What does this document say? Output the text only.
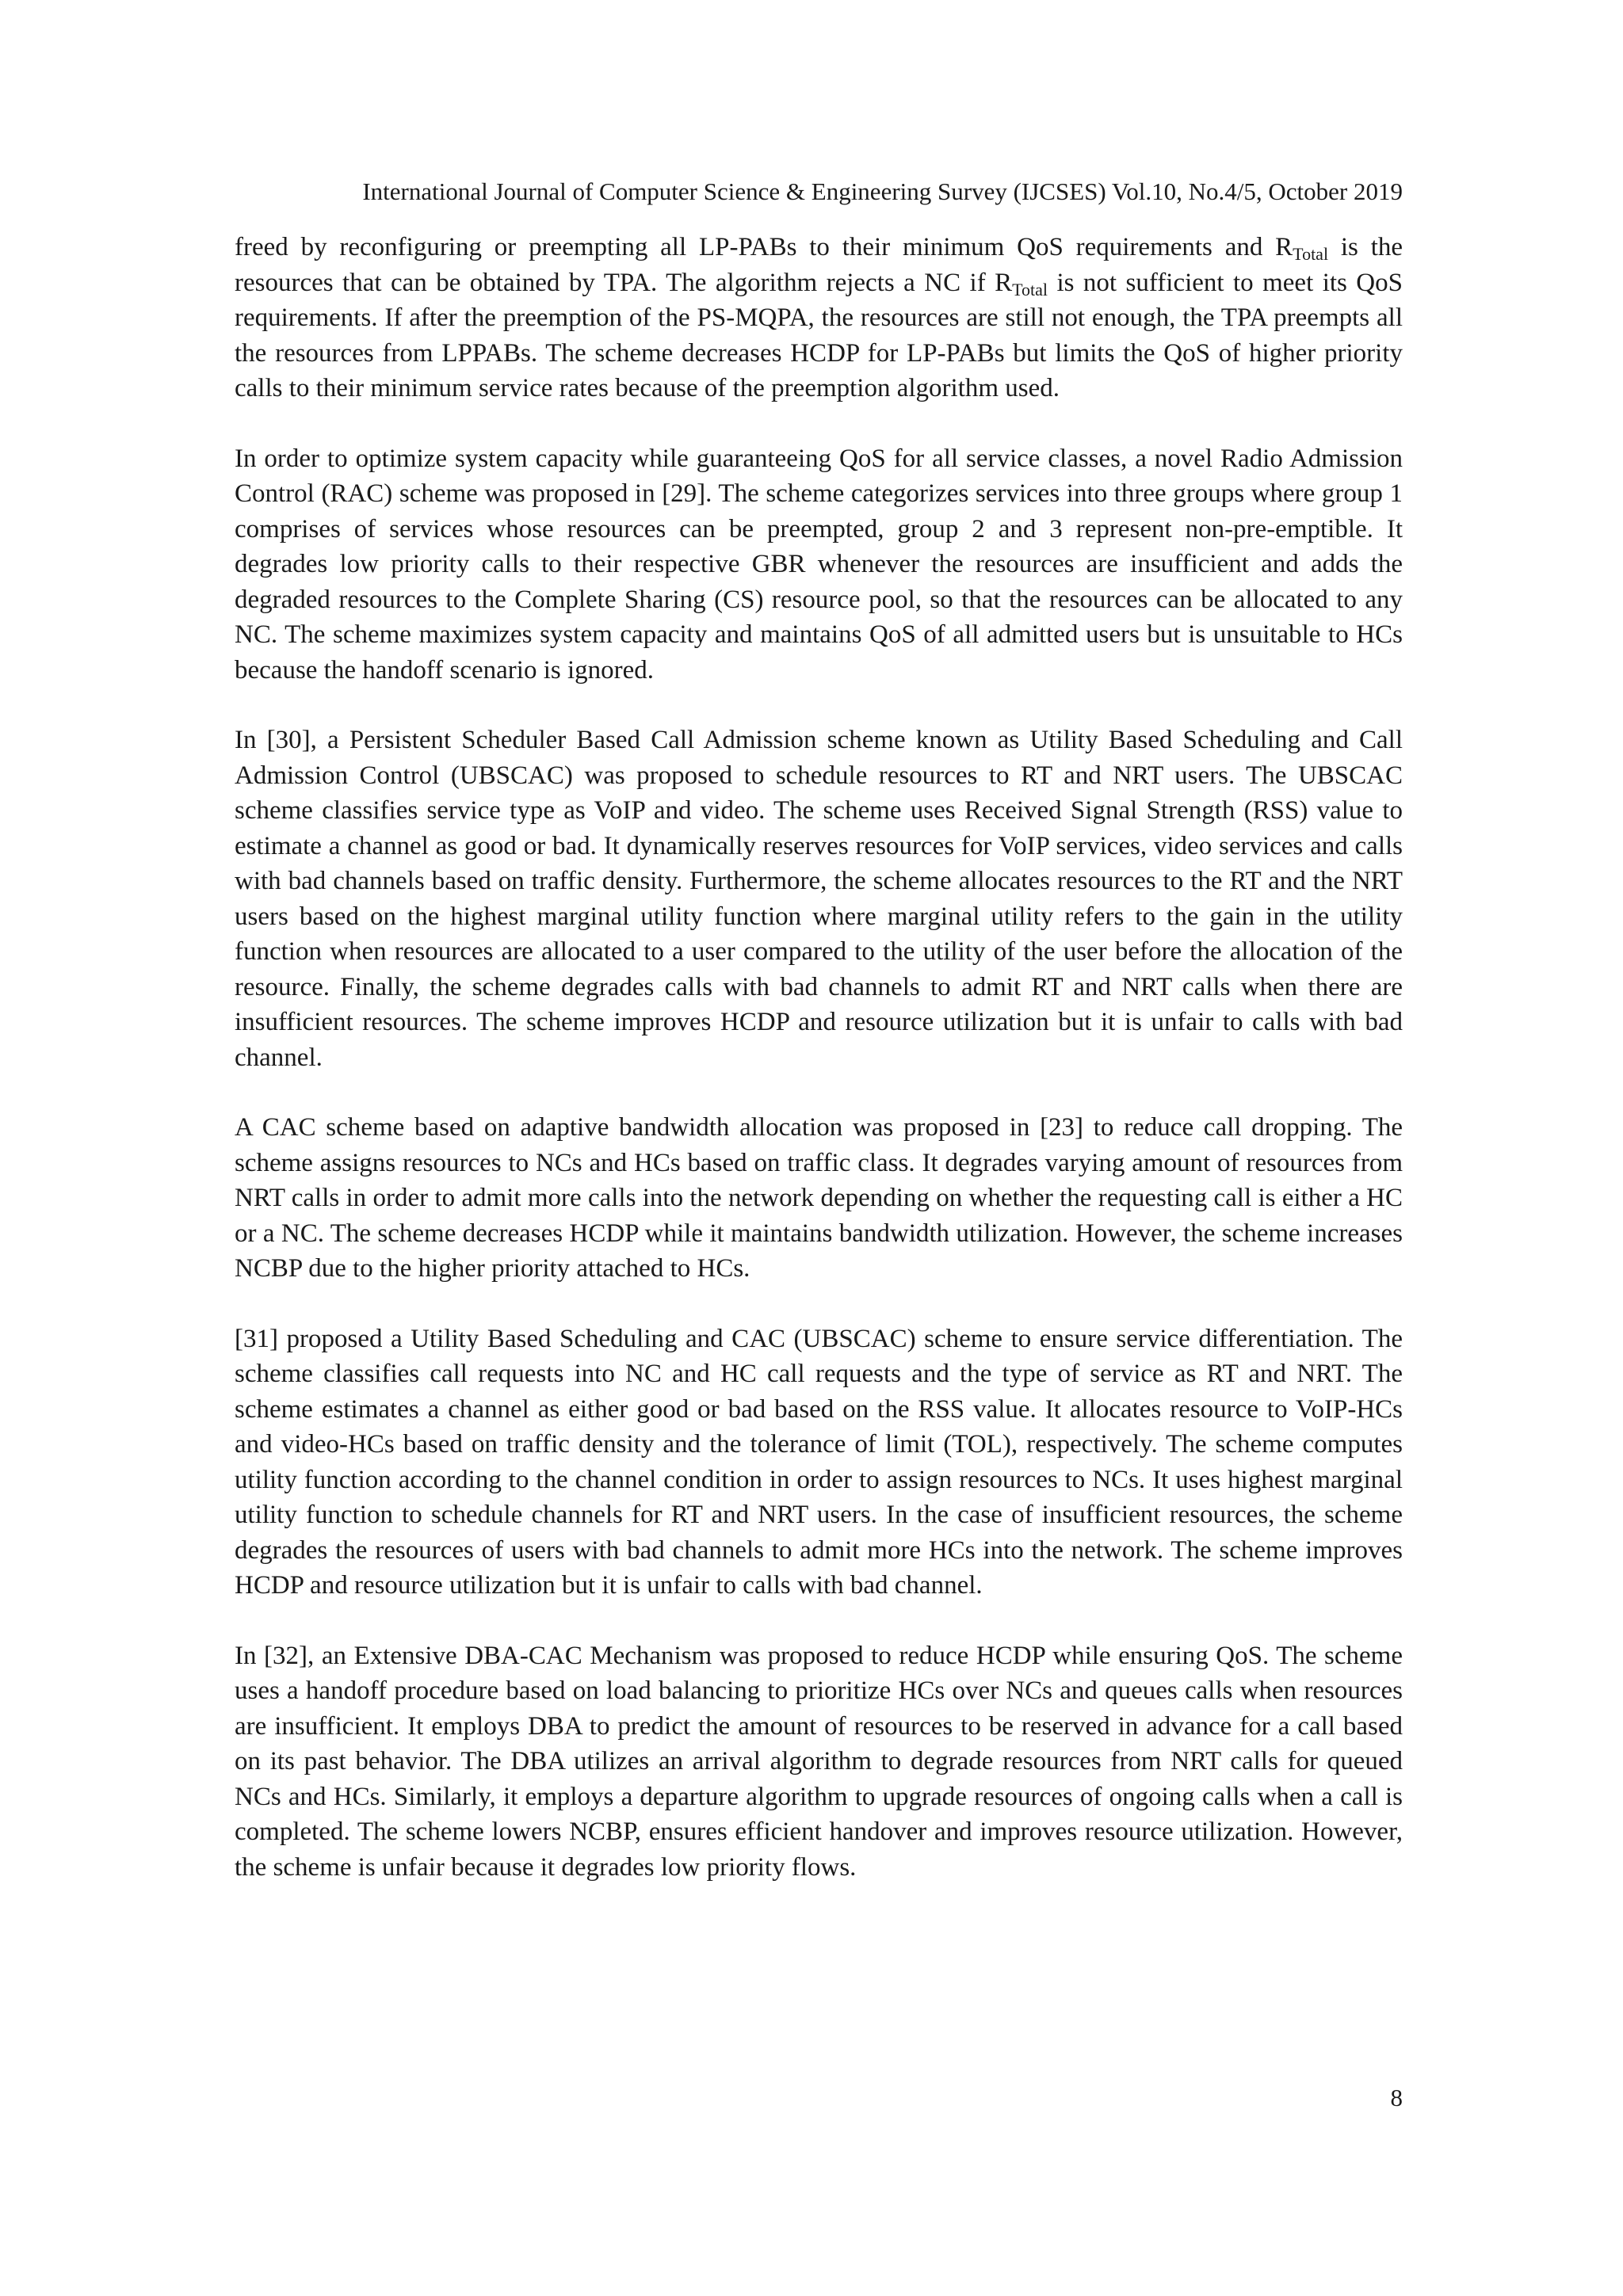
International Journal of Computer Science & Engineering Survey (IJCSES) Vol.10, No.4/5, October 2019

freed by reconfiguring or preempting all LP-PABs to their minimum QoS requirements and $R_{Total}$ is the resources that can be obtained by TPA. The algorithm rejects a NC if $R_{Total}$ is not sufficient to meet its QoS requirements. If after the preemption of the PS-MQPA, the resources are still not enough, the TPA preempts all the resources from LPPABs. The scheme decreases HCDP for LP-PABs but limits the QoS of higher priority calls to their minimum service rates because of the preemption algorithm used.

In order to optimize system capacity while guaranteeing QoS for all service classes, a novel Radio Admission Control (RAC) scheme was proposed in [29]. The scheme categorizes services into three groups where group 1 comprises of services whose resources can be preempted, group 2 and 3 represent non-pre-emptible. It degrades low priority calls to their respective GBR whenever the resources are insufficient and adds the degraded resources to the Complete Sharing (CS) resource pool, so that the resources can be allocated to any NC. The scheme maximizes system capacity and maintains QoS of all admitted users but is unsuitable to HCs because the handoff scenario is ignored.

In [30], a Persistent Scheduler Based Call Admission scheme known as Utility Based Scheduling and Call Admission Control (UBSCAC) was proposed to schedule resources to RT and NRT users. The UBSCAC scheme classifies service type as VoIP and video. The scheme uses Received Signal Strength (RSS) value to estimate a channel as good or bad. It dynamically reserves resources for VoIP services, video services and calls with bad channels based on traffic density. Furthermore, the scheme allocates resources to the RT and the NRT users based on the highest marginal utility function where marginal utility refers to the gain in the utility function when resources are allocated to a user compared to the utility of the user before the allocation of the resource. Finally, the scheme degrades calls with bad channels to admit RT and NRT calls when there are insufficient resources. The scheme improves HCDP and resource utilization but it is unfair to calls with bad channel.

A CAC scheme based on adaptive bandwidth allocation was proposed in [23] to reduce call dropping. The scheme assigns resources to NCs and HCs based on traffic class. It degrades varying amount of resources from NRT calls in order to admit more calls into the network depending on whether the requesting call is either a HC or a NC. The scheme decreases HCDP while it maintains bandwidth utilization. However, the scheme increases NCBP due to the higher priority attached to HCs.

[31] proposed a Utility Based Scheduling and CAC (UBSCAC) scheme to ensure service differentiation. The scheme classifies call requests into NC and HC call requests and the type of service as RT and NRT. The scheme estimates a channel as either good or bad based on the RSS value. It allocates resource to VoIP-HCs and video-HCs based on traffic density and the tolerance of limit (TOL), respectively. The scheme computes utility function according to the channel condition in order to assign resources to NCs. It uses highest marginal utility function to schedule channels for RT and NRT users. In the case of insufficient resources, the scheme degrades the resources of users with bad channels to admit more HCs into the network. The scheme improves HCDP and resource utilization but it is unfair to calls with bad channel.

In [32], an Extensive DBA-CAC Mechanism was proposed to reduce HCDP while ensuring QoS. The scheme uses a handoff procedure based on load balancing to prioritize HCs over NCs and queues calls when resources are insufficient. It employs DBA to predict the amount of resources to be reserved in advance for a call based on its past behavior. The DBA utilizes an arrival algorithm to degrade resources from NRT calls for queued NCs and HCs. Similarly, it employs a departure algorithm to upgrade resources of ongoing calls when a call is completed. The scheme lowers NCBP, ensures efficient handover and improves resource utilization. However, the scheme is unfair because it degrades low priority flows.

8
